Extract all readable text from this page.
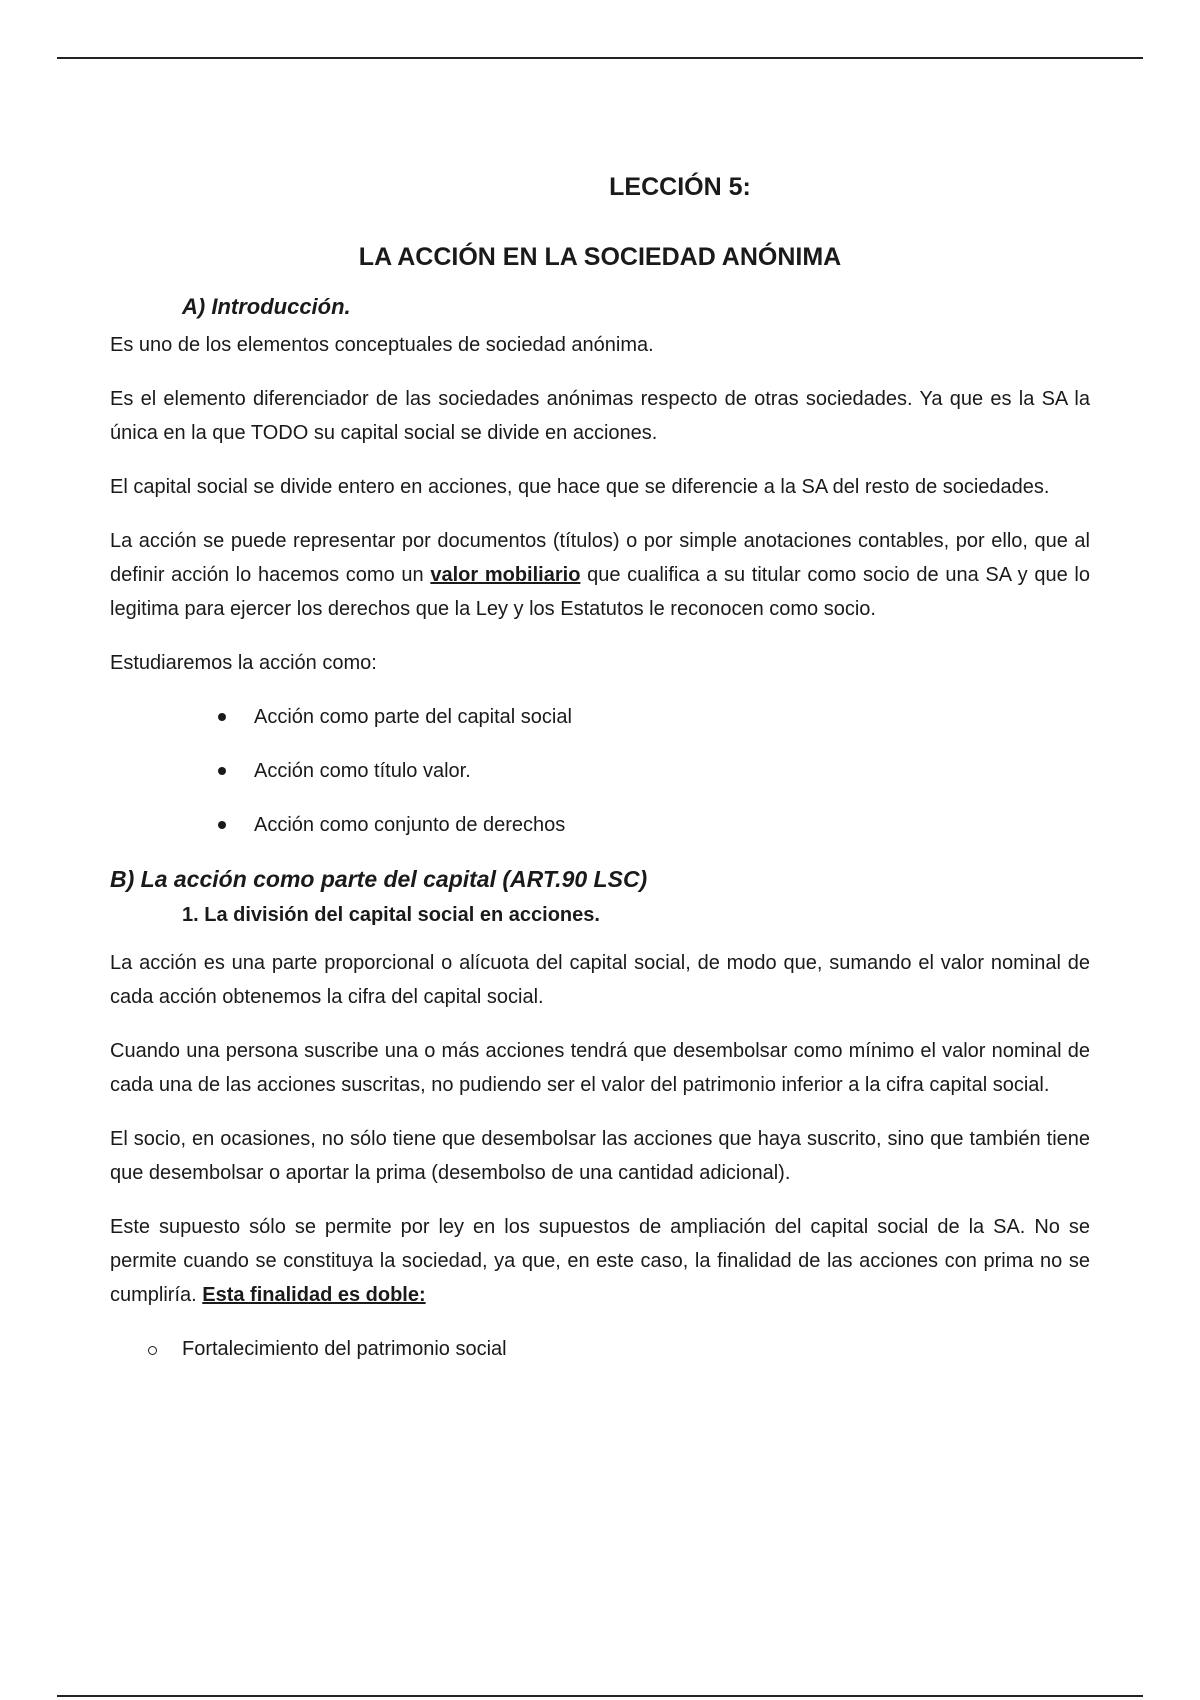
LECCIÓN 5:
LA ACCIÓN EN LA SOCIEDAD ANÓNIMA
A) Introducción.

Es uno de los elementos conceptuales de sociedad anónima.

Es el elemento diferenciador de las sociedades anónimas respecto de otras sociedades. Ya que es la SA la única en la que TODO su capital social se divide en acciones.

El capital social se divide entero en acciones, que hace que se diferencie a la SA del resto de sociedades.

La acción se puede representar por documentos (títulos) o por simple anotaciones contables, por ello, que al definir acción lo hacemos como un valor mobiliario que cualifica a su titular como socio de una SA y que lo legitima para ejercer los derechos que la Ley y los Estatutos le reconocen como socio.

Estudiaremos la acción como:

Acción como parte del capital social
Acción como título valor.
Acción como conjunto de derechos
B) La acción como parte del capital (ART.90 LSC)
1. La división del capital social en acciones.

La acción es una parte proporcional o alícuota del capital social, de modo que, sumando el valor nominal de cada acción obtenemos la cifra del capital social.

Cuando una persona suscribe una o más acciones tendrá que desembolsar como mínimo el valor nominal de cada una de las acciones suscritas, no pudiendo ser el valor del patrimonio inferior a la cifra capital social.

El socio, en ocasiones, no sólo tiene que desembolsar las acciones que haya suscrito, sino que también tiene que desembolsar o aportar la prima (desembolso de una cantidad adicional).

Este supuesto sólo se permite por ley en los supuestos de ampliación del capital social de la SA. No se permite cuando se constituya la sociedad, ya que, en este caso, la finalidad de las acciones con prima no se cumpliría. Esta finalidad es doble:

Fortalecimiento del patrimonio social
